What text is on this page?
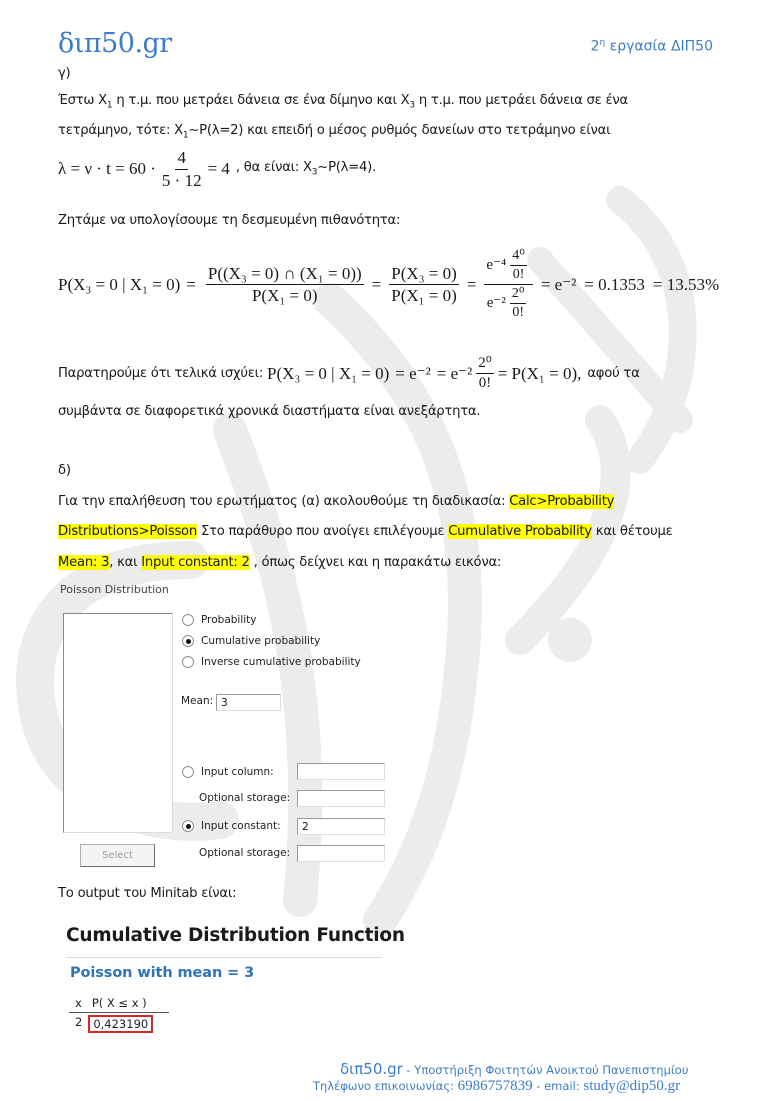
διπ50.gr	$2^\eta$ εργασία ΔΙΠ50
γ)
Έστω $X_1$ η τ.μ. που μετράει δάνεια σε ένα δίμηνο και $X_3$ η τ.μ. που μετράει δάνεια σε ένα
τετράμηνο, τότε: $X_1\sim P(\lambda=2)$ και επειδή ο μέσος ρυθμός δανείων στο τετράμηνο είναι
$\lambda = \nu \cdot t = 60 \cdot \frac{4}{5 \cdot 12} = 4$ , θα είναι: $X_3\sim P(\lambda=4)$.
Ζητάμε να υπολογίσουμε τη δεσμευμένη πιθανότητα:
P(X₃ = 0 | $X_1 = 0) = \frac{\text{P((X₃ = 0) ∩ (X₁ = 0))}}{\text{P(X₁ = 0)}} = \frac{\text{P(X₃ = 0)}}{\text{P(X₁ = 0)}} = \frac{e^{-4} \frac{\text{4⁰}}{0!}}{e^{-2} \frac{\text{2⁰}}{0!}} = e^{-2} = 0.1353 = 13.53\%$
Παρατηρούμε ότι τελικά ισχύει: P(X₃ = 0 | $X_1 = 0) = e^{-2} = e^{-2} \frac{\text{2⁰}}{0!} = P(X_1 = 0)$, αφού τα
συμβάντα σε διαφορετικά χρονικά διαστήματα είναι ανεξάρτητα.
δ)
Για την επαλήθευση του ερωτήματος (α) ακολουθούμε τη διαδικασία: Calc>Probability
Distributions>Poisson Στο παράθυρο που ανοίγει επιλέγουμε Cumulative Probability και θέτουμε
Mean: 3, και Input constant: 2 , όπως δείχνει και η παρακάτω εικόνα:
Poisson Distribution
Probability
Cumulative probability
Inverse cumulative probability
Mean: 3
Input column:
Optional storage:
Input constant:	2
Optional storage:
Select
Το output του Minitab είναι:
Cumulative Distribution Function
Poisson with mean = 3
x P( X ≤ x )
2 0,423190
διπ50.gr - Υποστήριξη Φοιτητών Ανοικτού Πανεπιστημίου
Τηλέφωνο επικοινωνίας: 6986757839 - email: study@dip50.gr
